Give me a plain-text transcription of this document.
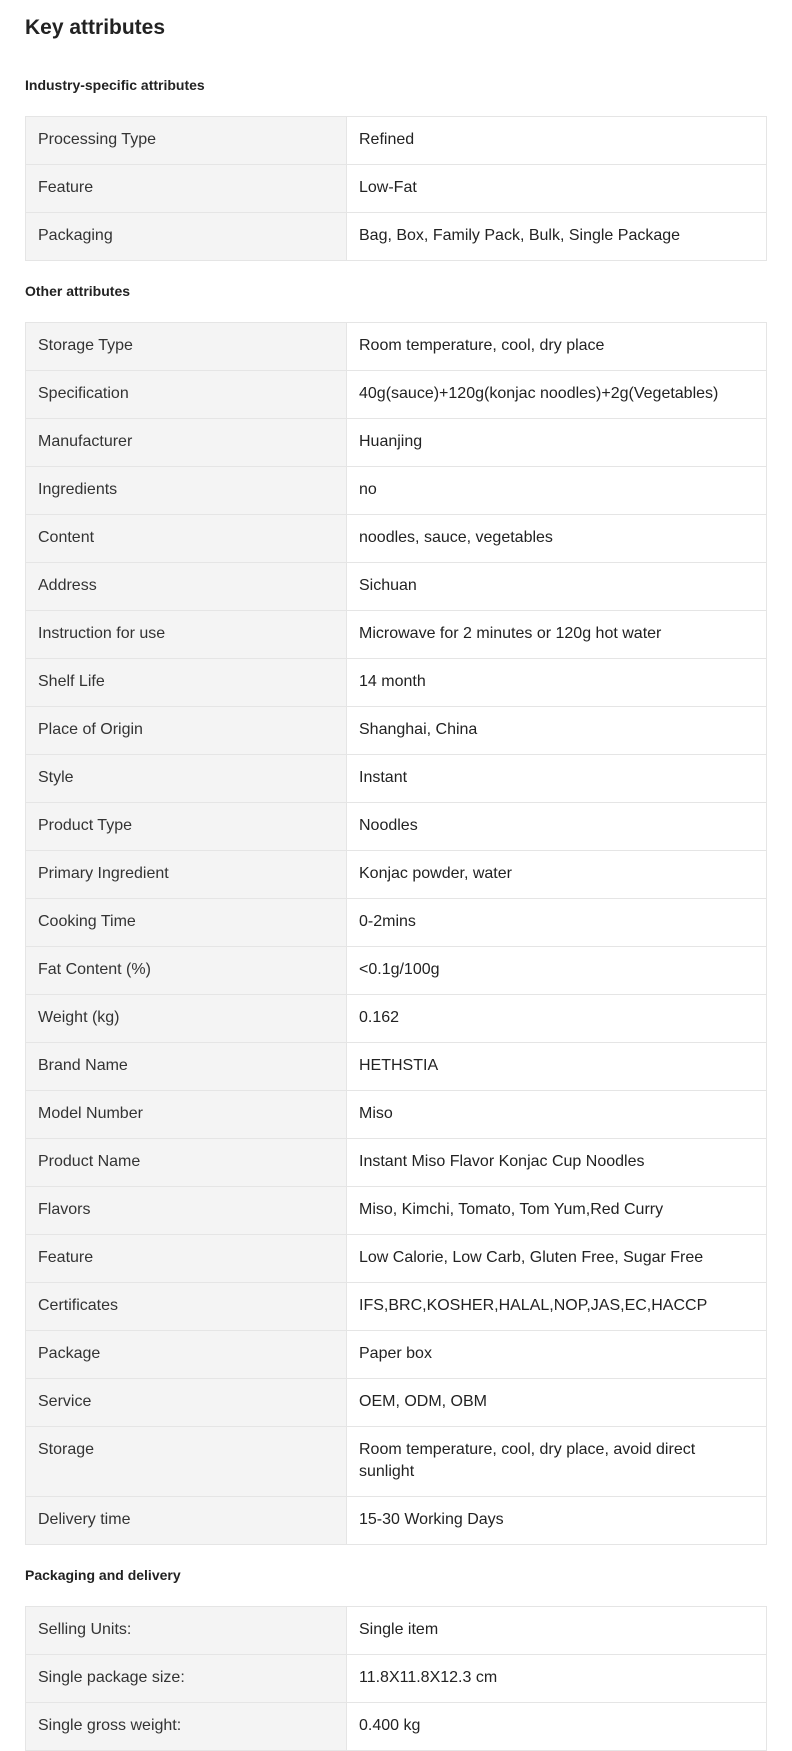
Key attributes
Industry-specific attributes
Processing Type	Refined
Feature	Low-Fat
Packaging	Bag, Box, Family Pack, Bulk, Single Package
Other attributes
Storage Type	Room temperature, cool, dry place
Specification	40g(sauce)+120g(konjac noodles)+2g(Vegetables)
Manufacturer	Huanjing
Ingredients	no
Content	noodles, sauce, vegetables
Address	Sichuan
Instruction for use	Microwave for 2 minutes or 120g hot water
Shelf Life	14 month
Place of Origin	Shanghai, China
Style	Instant
Product Type	Noodles
Primary Ingredient	Konjac powder, water
Cooking Time	0-2mins
Fat Content (%)	<0.1g/100g
Weight (kg)	0.162
Brand Name	HETHSTIA
Model Number	Miso
Product Name	Instant Miso Flavor Konjac Cup Noodles
Flavors	Miso, Kimchi, Tomato, Tom Yum,Red Curry
Feature	Low Calorie, Low Carb, Gluten Free, Sugar Free
Certificates	IFS,BRC,KOSHER,HALAL,NOP,JAS,EC,HACCP
Package	Paper box
Service	OEM, ODM, OBM
Storage	Room temperature, cool, dry place, avoid direct sunlight
Delivery time	15-30 Working Days
Packaging and delivery
Selling Units:	Single item
Single package size:	11.8X11.8X12.3 cm
Single gross weight:	0.400 kg
